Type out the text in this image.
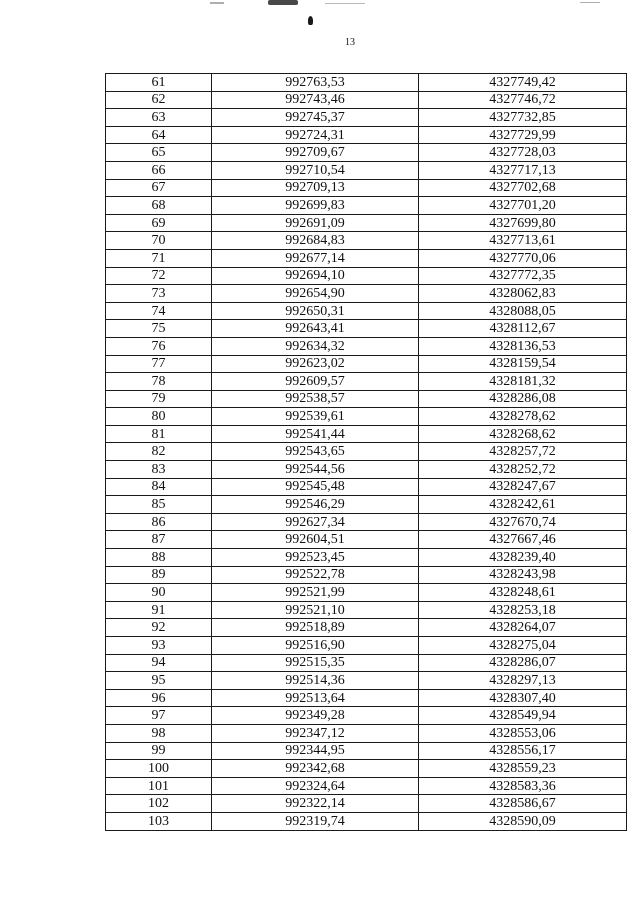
13
61	992763,53	4327749,42
62	992743,46	4327746,72
63	992745,37	4327732,85
64	992724,31	4327729,99
65	992709,67	4327728,03
66	992710,54	4327717,13
67	992709,13	4327702,68
68	992699,83	4327701,20
69	992691,09	4327699,80
70	992684,83	4327713,61
71	992677,14	4327770,06
72	992694,10	4327772,35
73	992654,90	4328062,83
74	992650,31	4328088,05
75	992643,41	4328112,67
76	992634,32	4328136,53
77	992623,02	4328159,54
78	992609,57	4328181,32
79	992538,57	4328286,08
80	992539,61	4328278,62
81	992541,44	4328268,62
82	992543,65	4328257,72
83	992544,56	4328252,72
84	992545,48	4328247,67
85	992546,29	4328242,61
86	992627,34	4327670,74
87	992604,51	4327667,46
88	992523,45	4328239,40
89	992522,78	4328243,98
90	992521,99	4328248,61
91	992521,10	4328253,18
92	992518,89	4328264,07
93	992516,90	4328275,04
94	992515,35	4328286,07
95	992514,36	4328297,13
96	992513,64	4328307,40
97	992349,28	4328549,94
98	992347,12	4328553,06
99	992344,95	4328556,17
100	992342,68	4328559,23
101	992324,64	4328583,36
102	992322,14	4328586,67
103	992319,74	4328590,09
